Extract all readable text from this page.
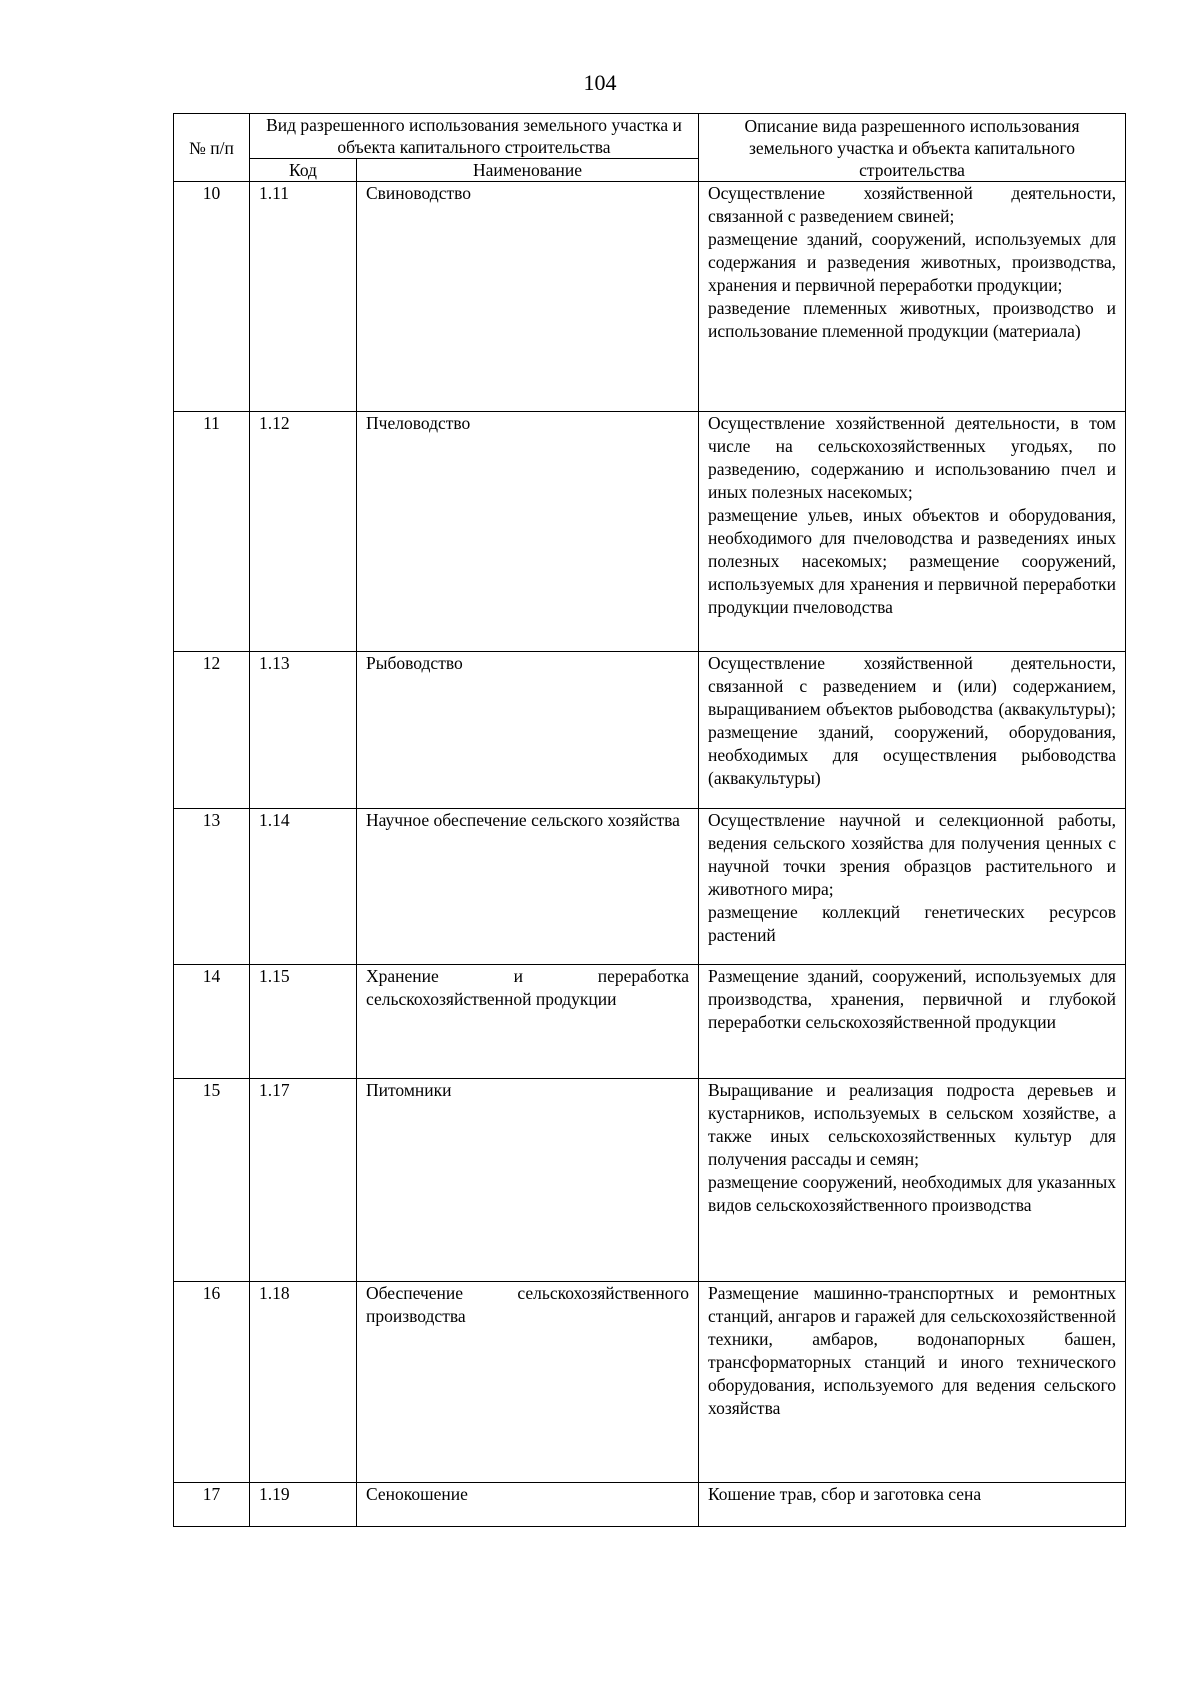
104
№ п/п	Вид разрешенного использования земельного участка и объекта капитального строительства		Описание вида разрешенного использования земельного участка и объекта капитального строительства
	Код	Наименование	
10	1.11	Свиноводство	Осуществление хозяйственной деятельности, связанной с разведением свиней;
размещение зданий, сооружений, используемых для содержания и разведения животных, производства, хранения и первичной переработки продукции;
разведение племенных животных, производство и использование племенной продукции (материала)

11	1.12	Пчеловодство	Осуществление хозяйственной деятельности, в том числе на сельскохозяйственных угодьях, по разведению, содержанию и использованию пчел и иных полезных насекомых;
размещение ульев, иных объектов и оборудования, необходимого для пчеловодства и разведениях иных полезных насекомых; размещение сооружений, используемых для хранения и первичной переработки продукции пчеловодства

12	1.13	Рыбоводство	Осуществление хозяйственной деятельности, связанной с разведением и (или) содержанием, выращиванием объектов рыбоводства (аквакультуры); размещение зданий, сооружений, оборудования, необходимых для осуществления рыбоводства (аквакультуры)

13	1.14	Научное обеспечение сельского хозяйства	Осуществление научной и селекционной работы, ведения сельского хозяйства для получения ценных с научной точки зрения образцов растительного и животного мира;
размещение коллекций генетических ресурсов растений

14	1.15	Хранение и переработка сельскохозяйственной продукции	Размещение зданий, сооружений, используемых для производства, хранения, первичной и глубокой переработки сельскохозяйственной продукции

15	1.17	Питомники	Выращивание и реализация подроста деревьев и кустарников, используемых в сельском хозяйстве, а также иных сельскохозяйственных культур для получения рассады и семян;
размещение сооружений, необходимых для указанных видов сельскохозяйственного производства

16	1.18	Обеспечение сельскохозяйственного производства	Размещение машинно-транспортных и ремонтных станций, ангаров и гаражей для сельскохозяйственной техники, амбаров, водонапорных башен, трансформаторных станций и иного технического оборудования, используемого для ведения сельского хозяйства

17	1.19	Сенокошение	Кошение трав, сбор и заготовка сена
